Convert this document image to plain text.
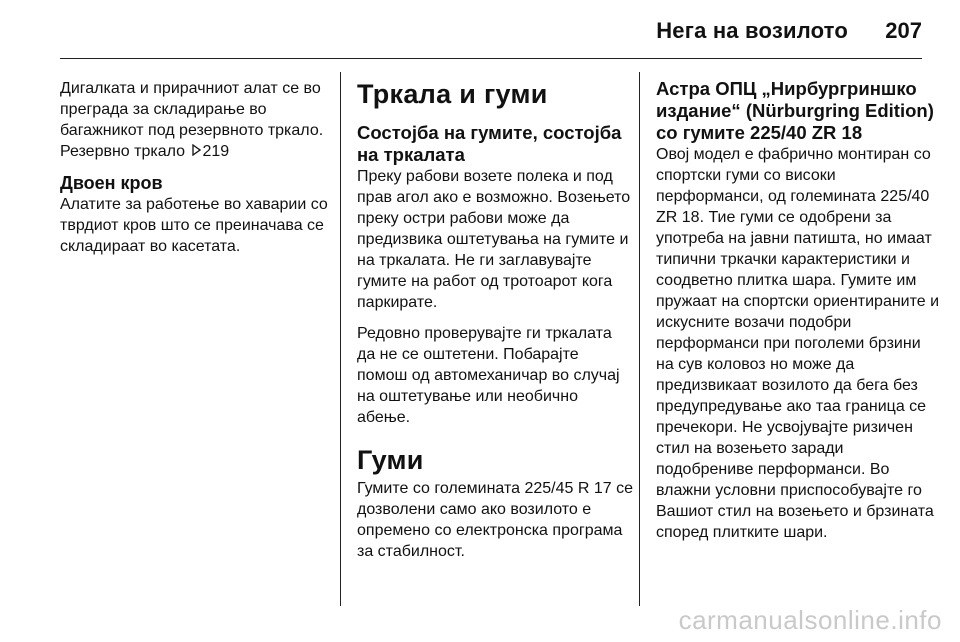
Нега на возилото 207

Дигалката и прирачниот алат се во преграда за складирање во багажникот под резервното тркало. Резервно тркало 219

Двоен кров

Алатите за работење во хаварии со тврдиот кров што се преиначава се складираат во касетата.

Тркала и гуми
Состојба на гумите, состојба на тркалата

Преку рабови возете полека и под прав агол ако е возможно. Возењето преку остри рабови може да предизвика оштетувања на гумите и на тркалата. Не ги заглавувајте гумите на работ од тротоарот кога паркирате.

Редовно проверувајте ги тркалата да не се оштетени. Побарајте помош од автомеханичар во случај на оштетување или необично абење.

Гуми

Гумите со големината 225/45 R 17 се дозволени само ако возилото е опремено со електронска програма за стабилност.

Астра ОПЦ „Нирбургриншко издание“ (Nürburgring Edition) со гумите 225/40 ZR 18

Овој модел е фабрично монтиран со спортски гуми со високи перформанси, од големината 225/40 ZR 18. Тие гуми се одобрени за употреба на јавни патишта, но имаат типични тркачки карактеристики и соодветно плитка шара. Гумите им пружаат на спортски ориентираните и искусните возачи подобри перформанси при поголеми брзини на сув коловоз но може да предизвикаат возилото да бега без предупредување ако таа граница се пречекори. Не усвојувајте ризичен стил на возењето заради подобрениве перформанси. Во влажни условни приспособувајте го Вашиот стил на возењето и брзината според плитките шари.

carmanualsonline.info
